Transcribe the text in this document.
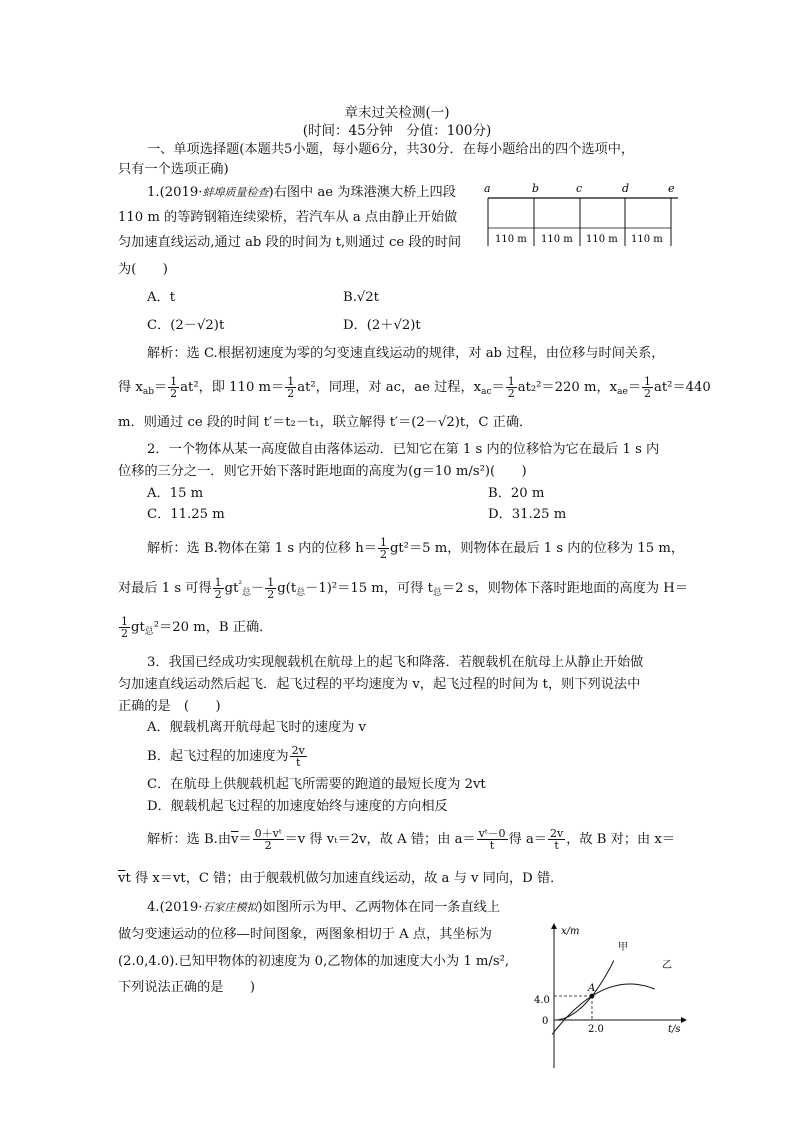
章末过关检测(一)
(时间：45分钟　分值：100分)
一、单项选择题(本题共5小题，每小题6分，共30分．在每小题给出的四个选项中，
只有一个选项正确)
1.(2019·蚌埠质量检查)右图中 ae 为珠港澳大桥上四段
110 m 的等跨钢箱连续梁桥，若汽车从 a 点由静止开始做
匀加速直线运动,通过 ab 段的时间为 t,则通过 ce 段的时间
为(　　)
a	b	c	d	e
110 m 110 m 110 m 110 m
A．t	B.√2t
C．(2－√2)t	D．(2＋√2)t
解析：选 C.根据初速度为零的匀变速直线运动的规律，对 ab 过程，由位移与时间关系，
得 $x_{ab}= \frac{1}{2} at^2$，即 110 $m= \frac{1}{2} at^2$，同理，对 ac，ae 过程，$x_{ac}= \frac{1}{2} at_2^2=220$ m，$x_{ae}= \frac{1}{2} at^2=440$
m．则通过 ce 段的时间 t′＝t₂－t₁，联立解得 t′＝(2－√2)t，C 正确．
2．一个物体从某一高度做自由落体运动．已知它在第 1 s 内的位移恰为它在最后 1 s 内
位移的三分之一．则它开始下落时距地面的高度为(g＝10 m/s²)(　　)
A．15 m	B．20 m
C．11.25 m	D．31.25 m
解析：选 B.物体在第 1 s 内的位移 $h= \frac{1}{2} gt^2=5$ m，则物体在最后 1 s 内的位移为 15 m，
对最后 1 s 可得 $\frac{1}{2} gt^{^2}_总- \frac{1}{2} g(t_总-1)^2=15$ m，可得 $t_总=2$ s，则物体下落时距地面的高度为 H＝
$\frac{1}{2} gt_总^2=20$ m，B 正确．
3．我国已经成功实现舰载机在航母上的起飞和降落．若舰载机在航母上从静止开始做
匀加速直线运动然后起飞．起飞过程的平均速度为 v，起飞过程的时间为 t，则下列说法中
正确的是　(　　)
A．舰载机离开航母起飞时的速度为 v
B．起飞过程的加速度为 $\frac{2v}{t}$
C．在航母上供舰载机起飞所需要的跑道的最短长度为 2vt
D．舰载机起飞过程的加速度始终与速度的方向相反
解析：选 B.由$\overline{v}= \frac{\text{0＋vᵗ}}{2} =v$ 得 vₜ＝2v，故 A 错；由 $a= \frac{\text{vᵗ－0}}{t}$ 得 $a= \frac{2v}{t}$ ，故 B 对；由 x＝
$\overline{v}t$ 得 x＝vt，C 错；由于舰载机做匀加速直线运动，故 a 与 v 同向，D 错．
4.(2019·石家庄模拟)如图所示为甲、乙两物体在同一条直线上
做匀变速运动的位移—时间图象，两图象相切于 A 点，其坐标为
(2.0,4.0).已知甲物体的初速度为 0,乙物体的加速度大小为 1 m/s²,
下列说法正确的是　　)
x/m
t/s
0
4.0
2.0
甲
乙
A
